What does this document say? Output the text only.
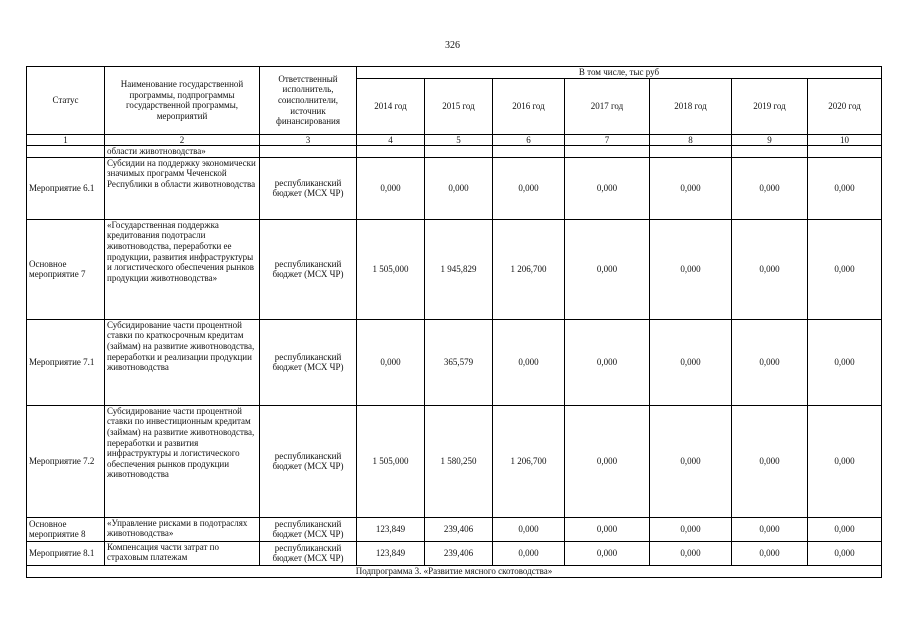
326
Статус	Наименование государственной программы, подпрограммы государственной программы, мероприятий	Ответственный исполнитель, соисполнители, источник финансирования	В том числе, тыс руб						
			2014 год	2015 год	2016 год	2017 год	2018 год	2019 год	2020 год
1	2	3	4	5	6	7	8	9	10
	области животноводства»								
Мероприятие 6.1	Субсидии на поддержку экономически значимых программ Чеченской Республики в области животноводства	республиканский бюджет (МСХ ЧР)	0,000	0,000	0,000	0,000	0,000	0,000	0,000
Основное мероприятие 7	«Государственная поддержка кредитования подотрасли животноводства, переработки ее продукции, развития инфраструктуры и логистического обеспечения рынков продукции животноводства»	республиканский бюджет (МСХ ЧР)	1 505,000	1 945,829	1 206,700	0,000	0,000	0,000	0,000
Мероприятие 7.1	Субсидирование части процентной ставки по краткосрочным кредитам (займам) на развитие животноводства, переработки и реализации продукции животноводства	республиканский бюджет (МСХ ЧР)	0,000	365,579	0,000	0,000	0,000	0,000	0,000
Мероприятие 7.2	Субсидирование части процентной ставки по инвестиционным кредитам (займам) на развитие животноводства, переработки и развития инфраструктуры и логистического обеспечения рынков продукции животноводства	республиканский бюджет (МСХ ЧР)	1 505,000	1 580,250	1 206,700	0,000	0,000	0,000	0,000
Основное мероприятие 8	«Управление рисками в подотраслях животноводства»	республиканский бюджет (МСХ ЧР)	123,849	239,406	0,000	0,000	0,000	0,000	0,000
Мероприятие 8.1	Компенсация части затрат по страховым платежам	республиканский бюджет (МСХ ЧР)	123,849	239,406	0,000	0,000	0,000	0,000	0,000
Подпрограмма 3. «Развитие мясного скотоводства»									
